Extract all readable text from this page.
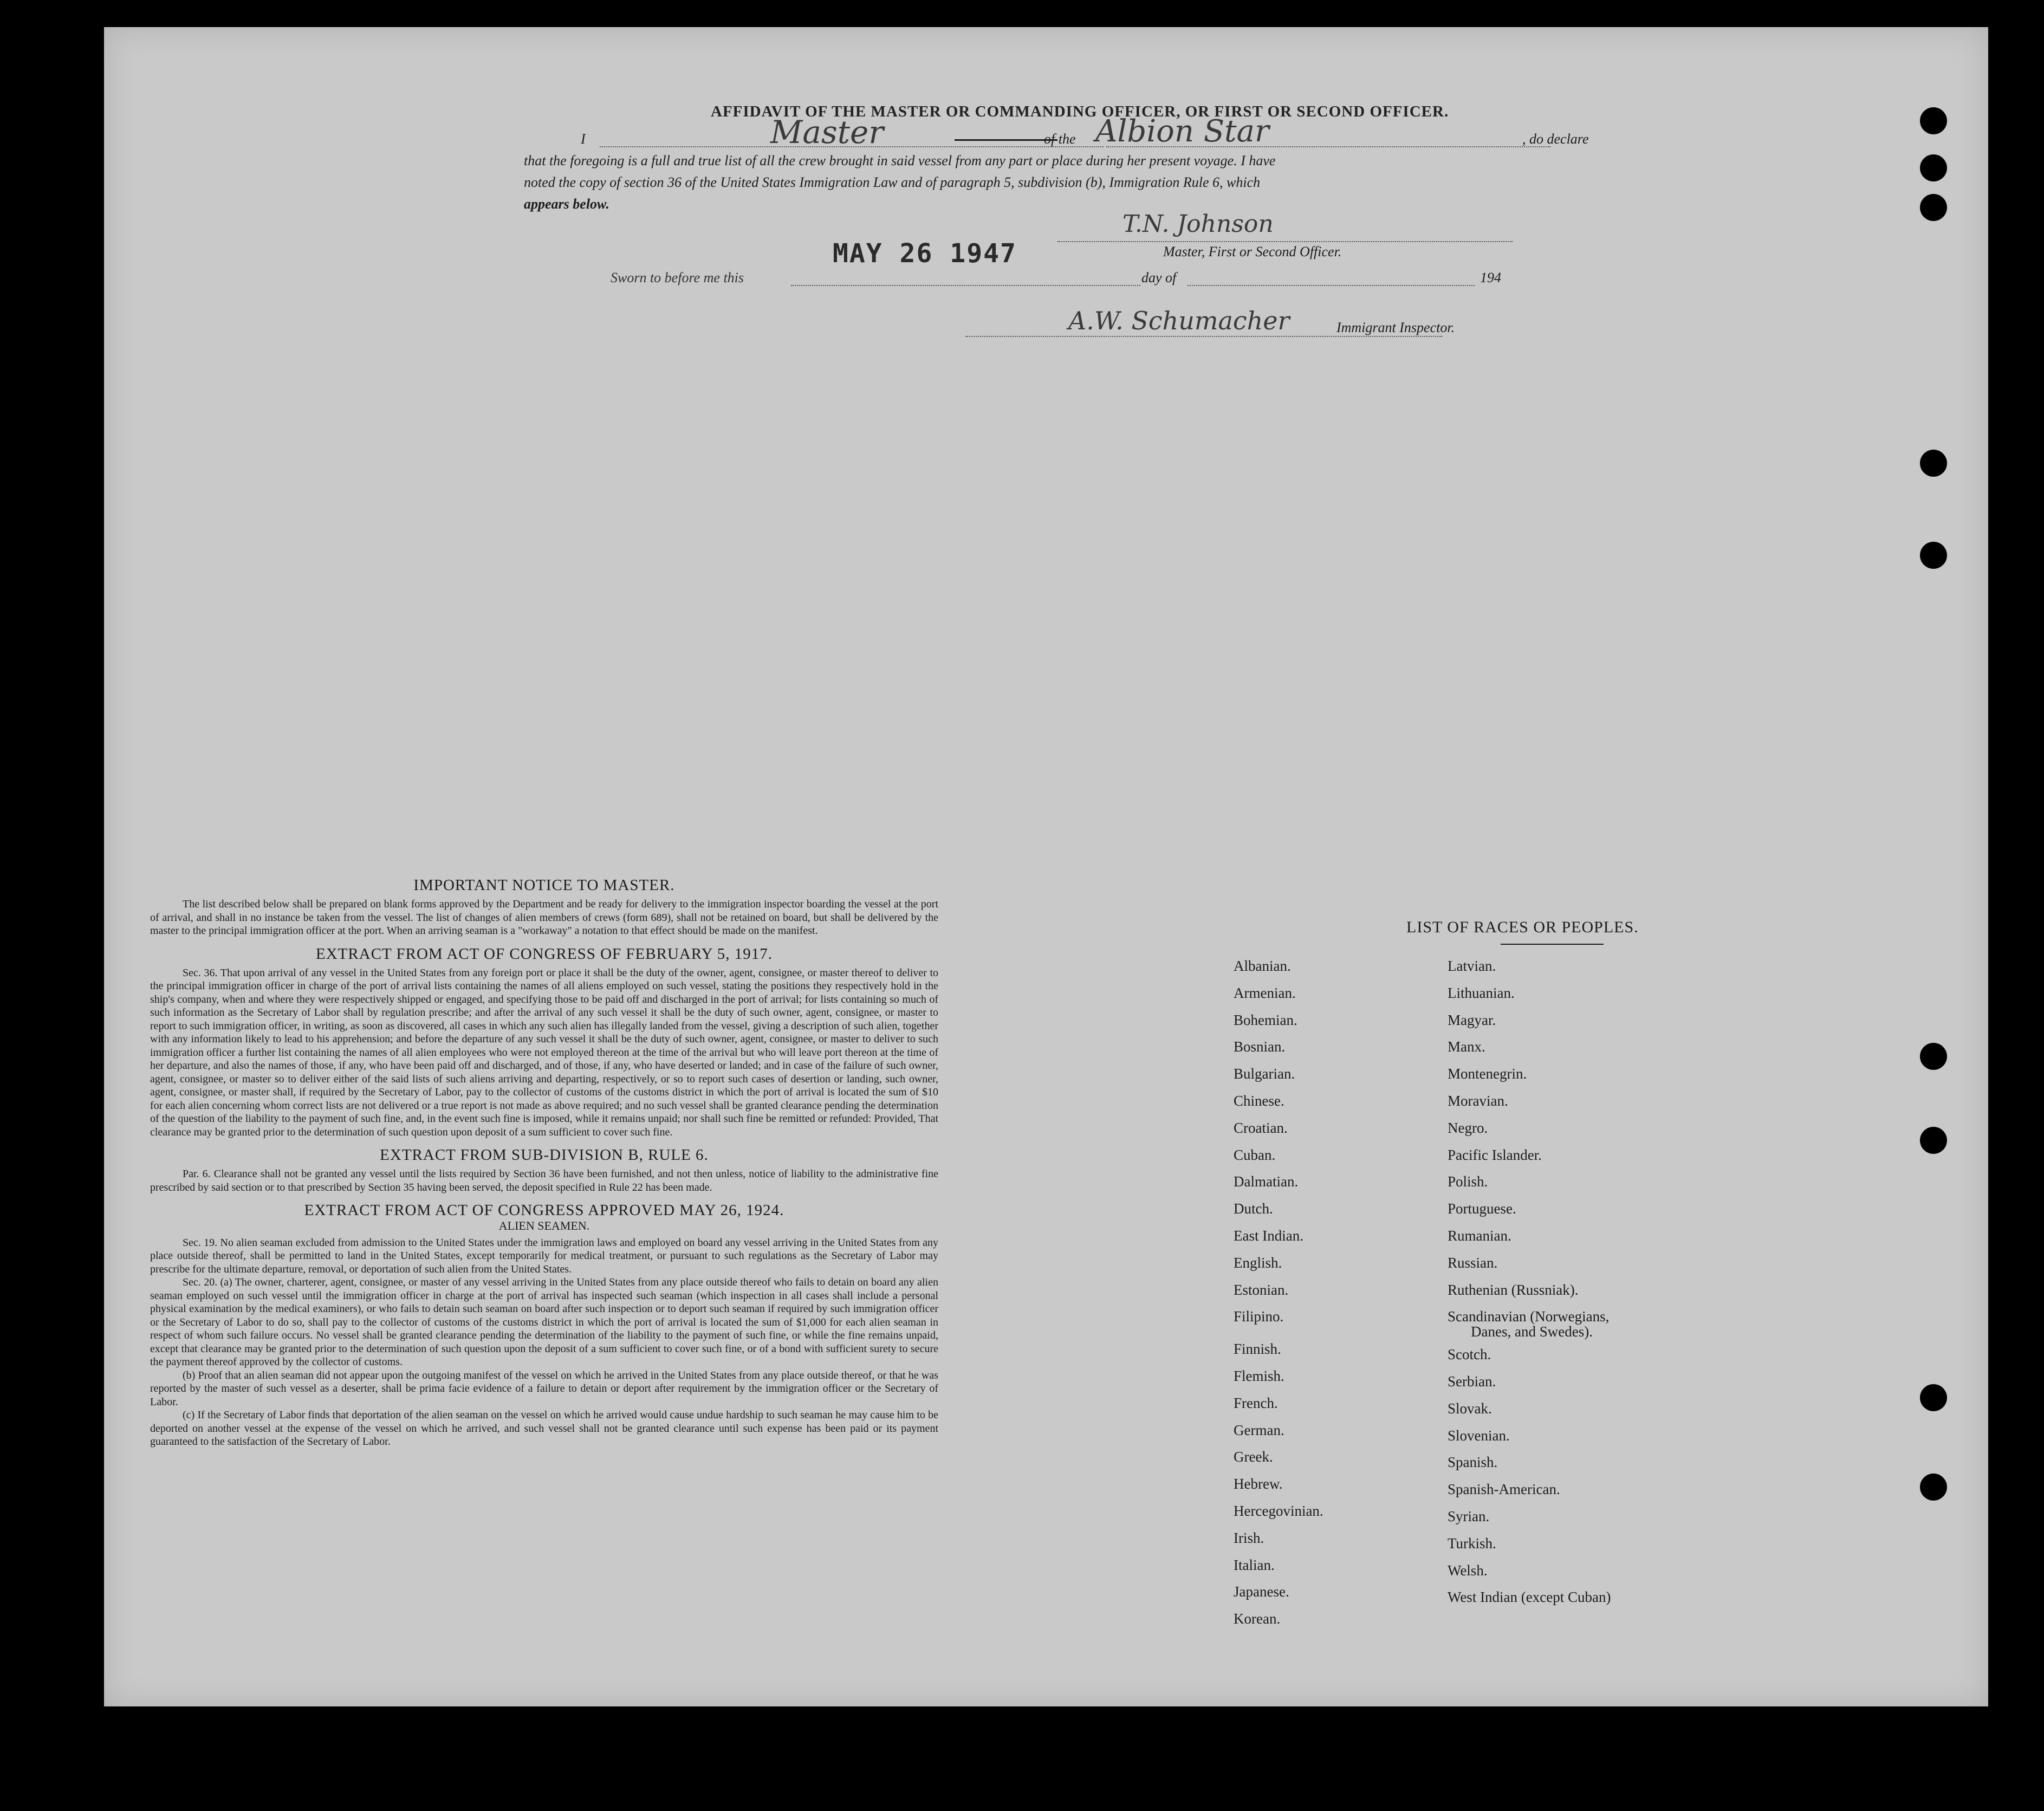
AFFIDAVIT OF THE MASTER OR COMMANDING OFFICER, OR FIRST OR SECOND OFFICER.
I	Master	of the Albion Star	, do declare
that the foregoing is a full and true list of all the crew brought in said vessel from any part or place during her present voyage. I have
noted the copy of section 36 of the United States Immigration Law and of paragraph 5, subdivision (b), Immigration Rule 6, which
appears below.
T.N. Johnson
MAY 26 1947	Master, First or Second Officer.
Sworn to before me this	day of	194
A.W. Schumacher	Immigrant Inspector.
IMPORTANT NOTICE TO MASTER.
The list described below shall be prepared on blank forms approved by the Department and be ready for delivery to the immigration inspector boarding the vessel at the port of arrival, and shall in no instance be taken from the vessel. The list of changes of alien members of crews (form 689), shall not be retained on board, but shall be delivered by the master to the principal immigration officer at the port. When an arriving seaman is a "workaway" a notation to that effect should be made on the manifest.
EXTRACT FROM ACT OF CONGRESS OF FEBRUARY 5, 1917.
Sec. 36. That upon arrival of any vessel in the United States from any foreign port or place it shall be the duty of the owner, agent, consignee, or master thereof to deliver to the principal immigration officer in charge of the port of arrival lists containing the names of all aliens employed on such vessel, stating the positions they respectively hold in the ship's company, when and where they were respectively shipped or engaged, and specifying those to be paid off and discharged in the port of arrival; for lists containing so much of such information as the Secretary of Labor shall by regulation prescribe; and after the arrival of any such vessel it shall be the duty of such owner, agent, consignee, or master to report to such immigration officer, in writing, as soon as discovered, all cases in which any such alien has illegally landed from the vessel, giving a description of such alien, together with any information likely to lead to his apprehension; and before the departure of any such vessel it shall be the duty of such owner, agent, consignee, or master to deliver to such immigration officer a further list containing the names of all alien employees who were not employed thereon at the time of the arrival but who will leave port thereon at the time of her departure, and also the names of those, if any, who have been paid off and discharged, and of those, if any, who have deserted or landed; and in case of the failure of such owner, agent, consignee, or master so to deliver either of the said lists of such aliens arriving and departing, respectively, or so to report such cases of desertion or landing, such owner, agent, consignee, or master shall, if required by the Secretary of Labor, pay to the collector of customs of the customs district in which the port of arrival is located the sum of $10 for each alien concerning whom correct lists are not delivered or a true report is not made as above required; and no such vessel shall be granted clearance pending the determination of the question of the liability to the payment of such fine, and, in the event such fine is imposed, while it remains unpaid; nor shall such fine be remitted or refunded: Provided, That clearance may be granted prior to the determination of such question upon deposit of a sum sufficient to cover such fine.
EXTRACT FROM SUB-DIVISION B, RULE 6.
Par. 6. Clearance shall not be granted any vessel until the lists required by Section 36 have been furnished, and not then unless, notice of liability to the administrative fine prescribed by said section or to that prescribed by Section 35 having been served, the deposit specified in Rule 22 has been made.
EXTRACT FROM ACT OF CONGRESS APPROVED MAY 26, 1924.
ALIEN SEAMEN.
Sec. 19. No alien seaman excluded from admission to the United States under the immigration laws and employed on board any vessel arriving in the United States from any place outside thereof, shall be permitted to land in the United States, except temporarily for medical treatment, or pursuant to such regulations as the Secretary of Labor may prescribe for the ultimate departure, removal, or deportation of such alien from the United States.
Sec. 20. (a) The owner, charterer, agent, consignee, or master of any vessel arriving in the United States from any place outside thereof who fails to detain on board any alien seaman employed on such vessel until the immigration officer in charge at the port of arrival has inspected such seaman (which inspection in all cases shall include a personal physical examination by the medical examiners), or who fails to detain such seaman on board after such inspection or to deport such seaman if required by such immigration officer or the Secretary of Labor to do so, shall pay to the collector of customs of the customs district in which the port of arrival is located the sum of $1,000 for each alien seaman in respect of whom such failure occurs. No vessel shall be granted clearance pending the determination of the liability to the payment of such fine, or while the fine remains unpaid, except that clearance may be granted prior to the determination of such question upon the deposit of a sum sufficient to cover such fine, or of a bond with sufficient surety to secure the payment thereof approved by the collector of customs.
(b) Proof that an alien seaman did not appear upon the outgoing manifest of the vessel on which he arrived in the United States from any place outside thereof, or that he was reported by the master of such vessel as a deserter, shall be prima facie evidence of a failure to detain or deport after requirement by the immigration officer or the Secretary of Labor.
(c) If the Secretary of Labor finds that deportation of the alien seaman on the vessel on which he arrived would cause undue hardship to such seaman he may cause him to be deported on another vessel at the expense of the vessel on which he arrived, and such vessel shall not be granted clearance until such expense has been paid or its payment guaranteed to the satisfaction of the Secretary of Labor.
LIST OF RACES OR PEOPLES.
Albanian.
Armenian.
Bohemian.
Bosnian.
Bulgarian.
Chinese.
Croatian.
Cuban.
Dalmatian.
Dutch.
East Indian.
English.
Estonian.
Filipino.
Finnish.
Flemish.
French.
German.
Greek.
Hebrew.
Hercegovinian.
Irish.
Italian.
Japanese.
Korean.
Latvian.
Lithuanian.
Magyar.
Manx.
Montenegrin.
Moravian.
Negro.
Pacific Islander.
Polish.
Portuguese.
Rumanian.
Russian.
Ruthenian (Russniak).
Scandinavian (Norwegians,
Danes, and Swedes).
Scotch.
Serbian.
Slovak.
Slovenian.
Spanish.
Spanish-American.
Syrian.
Turkish.
Welsh.
West Indian (except Cuban)
